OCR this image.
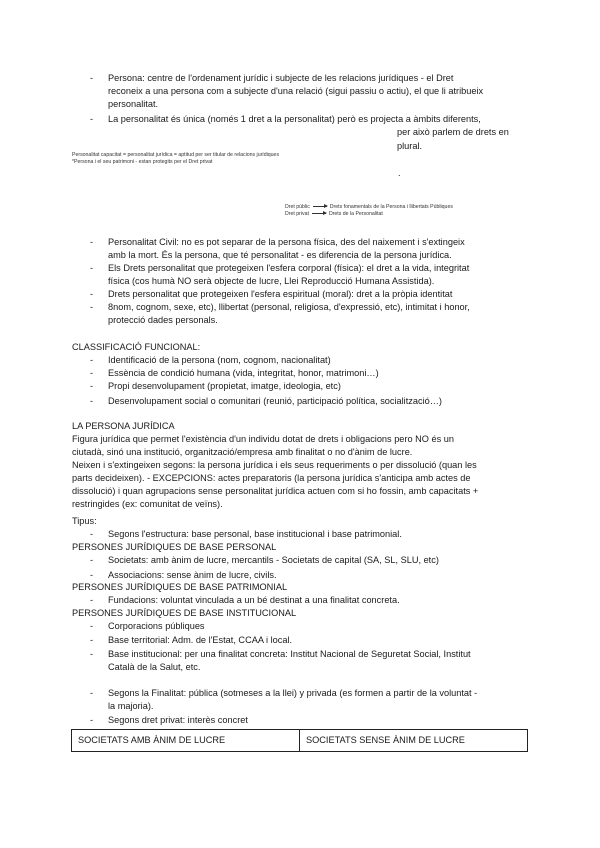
- Persona: centre de l'ordenament jurídic i subjecte de les relacions jurídiques - el Dret
reconeix a una persona com a subjecte d'una relació (sigui passiu o actiu), el que li atribueix
personalitat.
- La personalitat és única (només 1 dret a la personalitat) però es projecta a àmbits diferents,
per això parlem de drets en
plural.
.
Personalitat capacitat = personalitat jurídica = aptitud per ser titular de relacions jurídiques
*Persona i el seu patrimoni - estan protegits per el Dret privat
Dret públic	Drets fonamentals de la Persona i llibertats Públiques
Dret privat	Drets de la Personalitat
- Personalitat Civil: no es pot separar de la persona física, des del naixement i s'extingeix
amb la mort. És la persona, que té personalitat - es diferencia de la persona jurídica.
- Els Drets personalitat que protegeixen l'esfera corporal (física): el dret a la vida, integritat
física (cos humà NO serà objecte de lucre, Llei Reproducció Humana Assistida).
- Drets personalitat que protegeixen l'esfera espiritual (moral): dret a la pròpia identitat
- 8nom, cognom, sexe, etc), llibertat (personal, religiosa, d'expressió, etc), intimitat i honor,
protecció dades personals.
CLASSIFICACIÓ FUNCIONAL:
- Identificació de la persona (nom, cognom, nacionalitat)
- Essència de condició humana (vida, integritat, honor, matrimoni…)
- Propi desenvolupament (propietat, imatge, ideologia, etc)
- Desenvolupament social o comunitari (reunió, participació política, socialització…)
LA PERSONA JURÍDICA
Figura jurídica que permet l'existència d'un individu dotat de drets i obligacions pero NO és un
ciutadà, sinó una institució, organització/empresa amb finalitat o no d'ànim de lucre.
Neixen i s'extingeixen segons: la persona jurídica i els seus requeriments o per dissolució (quan les
parts decideixen). - EXCEPCIONS: actes preparatoris (la persona jurídica s'anticipa amb actes de
dissolució) i quan agrupacions sense personalitat jurídica actuen com si ho fossin, amb capacitats +
restringides (ex: comunitat de veïns).
Tipus:
- Segons l'estructura: base personal, base institucional i base patrimonial.
PERSONES JURÍDIQUES DE BASE PERSONAL
- Societats: amb ànim de lucre, mercantils - Societats de capital (SA, SL, SLU, etc)
- Associacions: sense ànim de lucre, civils.
PERSONES JURÍDIQUES DE BASE PATRIMONIAL
- Fundacions: voluntat vinculada a un bé destinat a una finalitat concreta.
PERSONES JURÍDIQUES DE BASE INSTITUCIONAL
- Corporacions públiques
- Base territorial: Adm. de l'Estat, CCAA i local.
- Base institucional: per una finalitat concreta: Institut Nacional de Seguretat Social, Institut
Català de la Salut, etc.
- Segons la Finalitat: pública (sotmeses a la llei) y privada (es formen a partir de la voluntat -
la majoria).
- Segons dret privat: interès concret
SOCIETATS AMB ÀNIM DE LUCRE	SOCIETATS SENSE ÀNIM DE LUCRE
